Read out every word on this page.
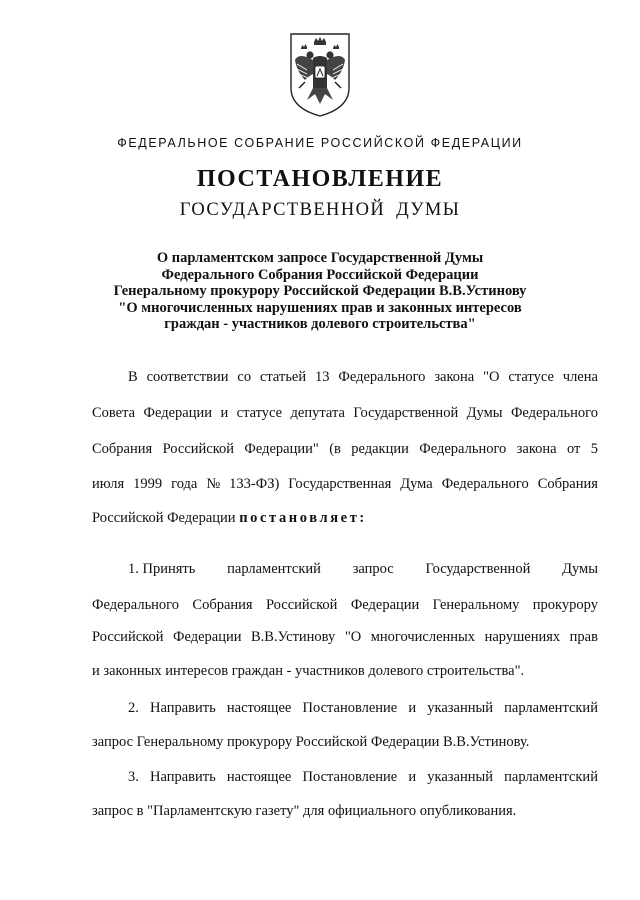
ФЕДЕРАЛЬНОЕ СОБРАНИЕ РОССИЙСКОЙ ФЕДЕРАЦИИ
ПОСТАНОВЛЕНИЕ
ГОСУДАРСТВЕННОЙ ДУМЫ
О парламентском запросе Государственной Думы
Федерального Собрания Российской Федерации
Генеральному прокурору Российской Федерации В.В.Устинову
"О многочисленных нарушениях прав и законных интересов
граждан - участников долевого строительства"
В соответствии со статьей 13 Федерального закона "О статусе члена
Совета Федерации и статусе депутата Государственной Думы Федерального
Собрания Российской Федерации" (в редакции Федерального закона от 5
июля 1999 года № 133-ФЗ) Государственная Дума Федерального Собрания
Российской Федерации постановляет:
1. Принять парламентский запрос Государственной Думы
Федерального Собрания Российской Федерации Генеральному прокурору
Российской Федерации В.В.Устинову "О многочисленных нарушениях прав
и законных интересов граждан - участников долевого строительства".
2. Направить настоящее Постановление и указанный парламентский
запрос Генеральному прокурору Российской Федерации В.В.Устинову.
3. Направить настоящее Постановление и указанный парламентский
запрос в "Парламентскую газету" для официального опубликования.
